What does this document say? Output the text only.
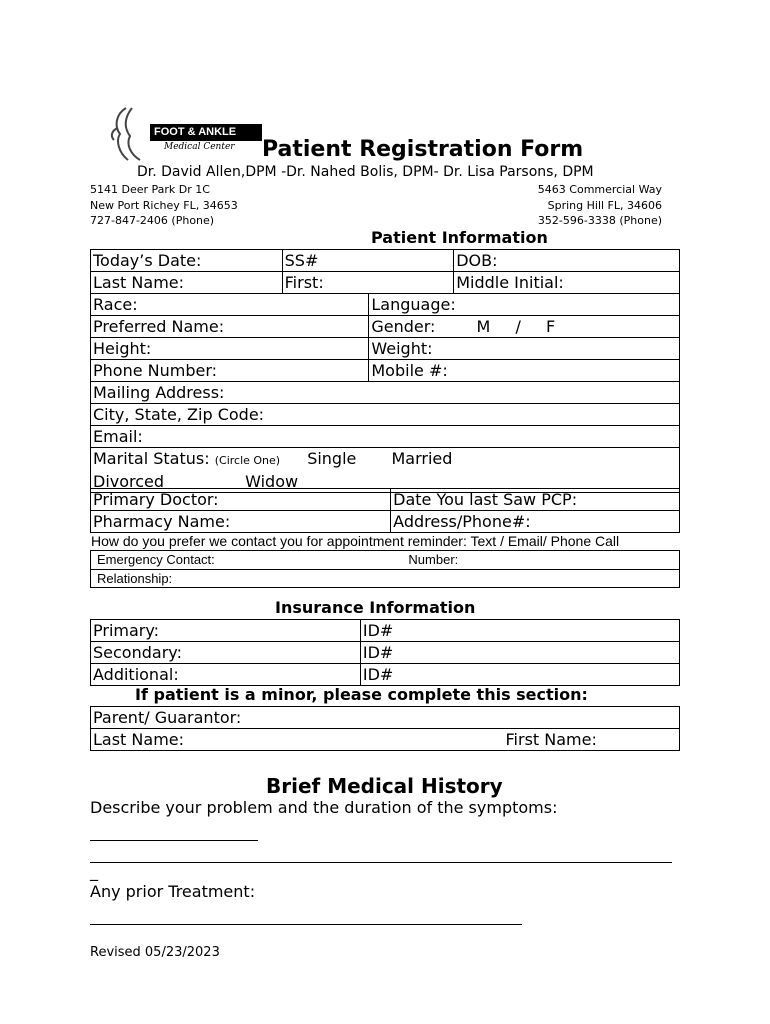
FOOT & ANKLE
Medical Center Patient Registration Form
Dr. David Allen,DPM -Dr. Nahed Bolis, DPM- Dr. Lisa Parsons, DPM
5141 Deer Park Dr 1C
New Port Richey FL, 34653
727-847-2406 (Phone)
5463 Commercial Way
Spring Hill FL, 34606
352-596-3338 (Phone)
Patient Information
Today’s Date:	SS#	DOB:
Last Name:	First:	Middle Initial:
Race:	Language:
Preferred Name:	Gender: M / F
Height:	Weight:
Phone Number:	Mobile #:
Mailing Address:
City, State, Zip Code:
Email:

Marital Status: (Circle One) Single Married
Divorced	Widow
Primary Doctor:	Date You last Saw PCP:
Pharmacy Name:	Address/Phone#:
How do you prefer we contact you for appointment reminder: Text / Email/ Phone Call
Emergency Contact:	Number:
Relationship:
Insurance Information
Primary:	ID#
Secondary:	ID#
Additional:	ID#
If patient is a minor, please complete this section:
Parent/ Guarantor:
Last Name:	First Name:
Brief Medical History
Describe your problem and the duration of the symptoms:
_
Any prior Treatment:
Revised 05/23/2023
